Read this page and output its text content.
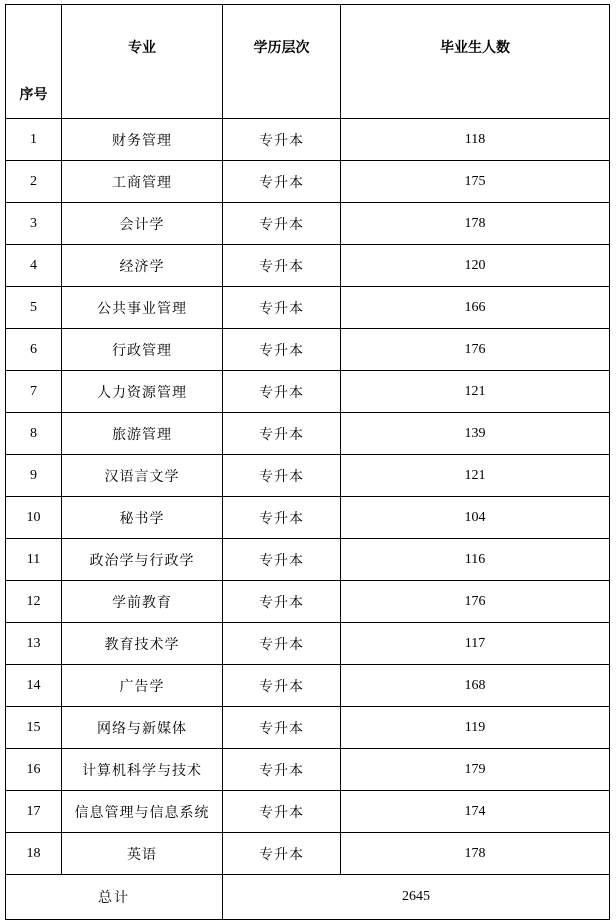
序号	专业	学历层次	毕业生人数
1	财务管理	专升本	118
2	工商管理	专升本	175
3	会计学	专升本	178
4	经济学	专升本	120
5	公共事业管理	专升本	166
6	行政管理	专升本	176
7	人力资源管理	专升本	121
8	旅游管理	专升本	139
9	汉语言文学	专升本	121
10	秘书学	专升本	104
11	政治学与行政学	专升本	116
12	学前教育	专升本	176
13	教育技术学	专升本	117
14	广告学	专升本	168
15	网络与新媒体	专升本	119
16	计算机科学与技术	专升本	179
17	信息管理与信息系统	专升本	174
18	英语	专升本	178
总计		2645	
